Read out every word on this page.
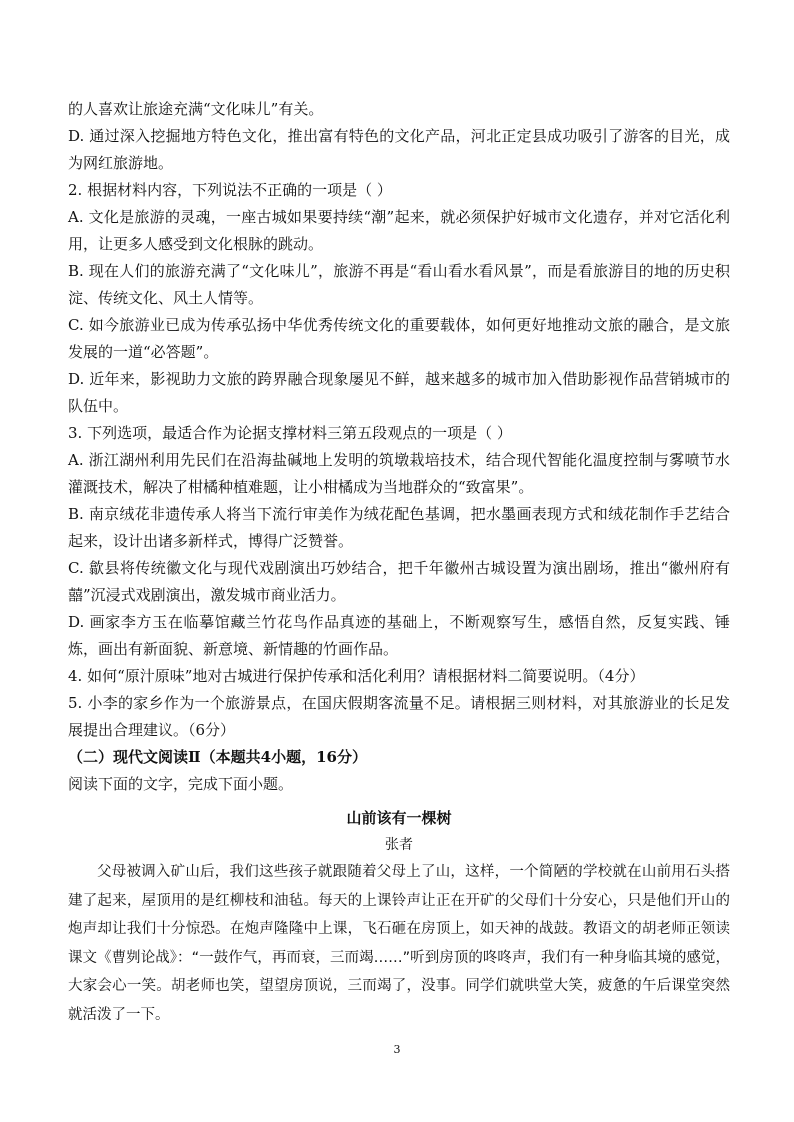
的人喜欢让旅途充满“文化味儿”有关。

D. 通过深入挖掘地方特色文化，推出富有特色的文化产品，河北正定县成功吸引了游客的目光，成为网红旅游地。

2. 根据材料内容，下列说法不正确的一项是（ ）

A. 文化是旅游的灵魂，一座古城如果要持续“潮”起来，就必须保护好城市文化遗存，并对它活化利用，让更多人感受到文化根脉的跳动。

B. 现在人们的旅游充满了“文化味儿”，旅游不再是“看山看水看风景”，而是看旅游目的地的历史积淀、传统文化、风土人情等。

C. 如今旅游业已成为传承弘扬中华优秀传统文化的重要载体，如何更好地推动文旅的融合，是文旅发展的一道“必答题”。

D. 近年来，影视助力文旅的跨界融合现象屡见不鲜，越来越多的城市加入借助影视作品营销城市的队伍中。

3. 下列选项，最适合作为论据支撑材料三第五段观点的一项是（ ）

A. 浙江湖州利用先民们在沿海盐碱地上发明的筑墩栽培技术，结合现代智能化温度控制与雾喷节水灌溉技术，解决了柑橘种植难题，让小柑橘成为当地群众的“致富果”。

B. 南京绒花非遗传承人将当下流行审美作为绒花配色基调，把水墨画表现方式和绒花制作手艺结合起来，设计出诸多新样式，博得广泛赞誉。

C. 歙县将传统徽文化与现代戏剧演出巧妙结合，把千年徽州古城设置为演出剧场，推出“徽州府有囍”沉浸式戏剧演出，激发城市商业活力。

D. 画家李方玉在临摹馆藏兰竹花鸟作品真迹的基础上，不断观察写生，感悟自然，反复实践、锤炼，画出有新面貌、新意境、新情趣的竹画作品。

4. 如何“原汁原味”地对古城进行保护传承和活化利用？请根据材料二简要说明。（4分）

5. 小李的家乡作为一个旅游景点，在国庆假期客流量不足。请根据三则材料，对其旅游业的长足发展提出合理建议。（6分）

（二）现代文阅读Ⅱ（本题共4小题，16分）

阅读下面的文字，完成下面小题。

山前该有一棵树
张者

父母被调入矿山后，我们这些孩子就跟随着父母上了山，这样，一个简陋的学校就在山前用石头搭建了起来，屋顶用的是红柳枝和油毡。每天的上课铃声让正在开矿的父母们十分安心，只是他们开山的炮声却让我们十分惊恐。在炮声隆隆中上课，飞石砸在房顶上，如天神的战鼓。教语文的胡老师正领读课文《曹刿论战》：“一鼓作气，再而衰，三而竭……”听到房顶的咚咚声，我们有一种身临其境的感觉，大家会心一笑。胡老师也笑，望望房顶说，三而竭了，没事。同学们就哄堂大笑，疲惫的午后课堂突然就活泼了一下。

3
